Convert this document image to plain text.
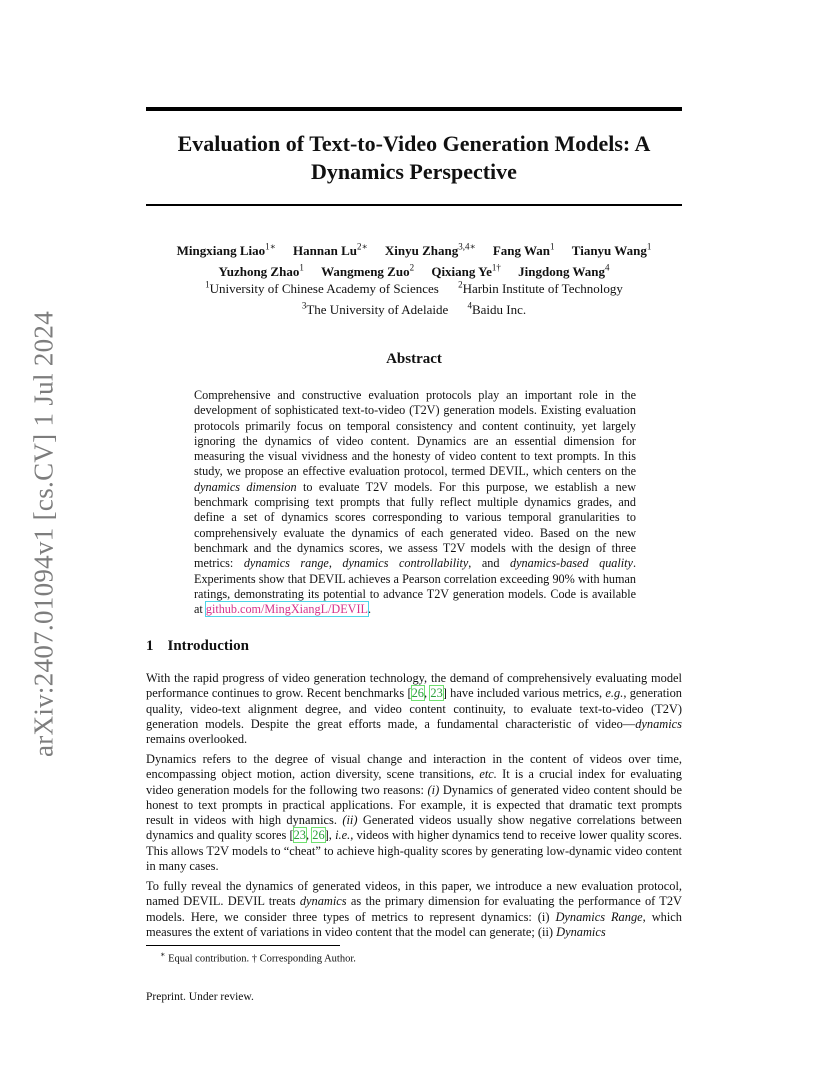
arXiv:2407.01094v1 [cs.CV] 1 Jul 2024
Evaluation of Text-to-Video Generation Models: A Dynamics Perspective
Mingxiang Liao$^{1∗}$ Hannan $Lu^{2∗}$ Xinyu Zhang$^{3,4∗}$ Fang Wan$^1$ Tianyu Wang$^1$
Yuzhong Zhao$^1$ Wangmeng Zuo$^2$ Qixiang $Ye^{1\dagger}$ Jingdong Wang$^4$
$^1$University of Chinese Academy of Sciences $^2$Harbin Institute of Technology
$^3$The University of Adelaide $^4$Baidu Inc.
Abstract
Comprehensive and constructive evaluation protocols play an important role in the development of sophisticated text-to-video (T2V) generation models. Existing evaluation protocols primarily focus on temporal consistency and content continuity, yet largely ignoring the dynamics of video content. Dynamics are an essential dimension for measuring the visual vividness and the honesty of video content to text prompts. In this study, we propose an effective evaluation protocol, termed DEVIL, which centers on the dynamics dimension to evaluate T2V models. For this purpose, we establish a new benchmark comprising text prompts that fully reflect multiple dynamics grades, and define a set of dynamics scores corresponding to various temporal granularities to comprehensively evaluate the dynamics of each generated video. Based on the new benchmark and the dynamics scores, we assess T2V models with the design of three metrics: dynamics range, dynamics controllability, and dynamics-based quality. Experiments show that DEVIL achieves a Pearson correlation exceeding 90% with human ratings, demonstrating its potential to advance T2V generation models. Code is available at github.com/MingXiangL/DEVIL.
1 Introduction

With the rapid progress of video generation technology, the demand of comprehensively evaluating model performance continues to grow. Recent benchmarks [26, 23] have included various metrics, e.g., generation quality, video-text alignment degree, and video content continuity, to evaluate text-to-video (T2V) generation models. Despite the great efforts made, a fundamental characteristic of video—dynamics remains overlooked.

Dynamics refers to the degree of visual change and interaction in the content of videos over time, encompassing object motion, action diversity, scene transitions, etc. It is a crucial index for evaluating video generation models for the following two reasons: (i) Dynamics of generated video content should be honest to text prompts in practical applications. For example, it is expected that dramatic text prompts result in videos with high dynamics. (ii) Generated videos usually show negative correlations between dynamics and quality scores [23, 26], i.e., videos with higher dynamics tend to receive lower quality scores. This allows T2V models to “cheat” to achieve high-quality scores by generating low-dynamic video content in many cases.

To fully reveal the dynamics of generated videos, in this paper, we introduce a new evaluation protocol, named DEVIL. DEVIL treats dynamics as the primary dimension for evaluating the performance of T2V models. Here, we consider three types of metrics to represent dynamics: (i) Dynamics Range, which measures the extent of variations in video content that the model can generate; (ii) Dynamics

∗ Equal contribution. † Corresponding Author.
Preprint. Under review.
